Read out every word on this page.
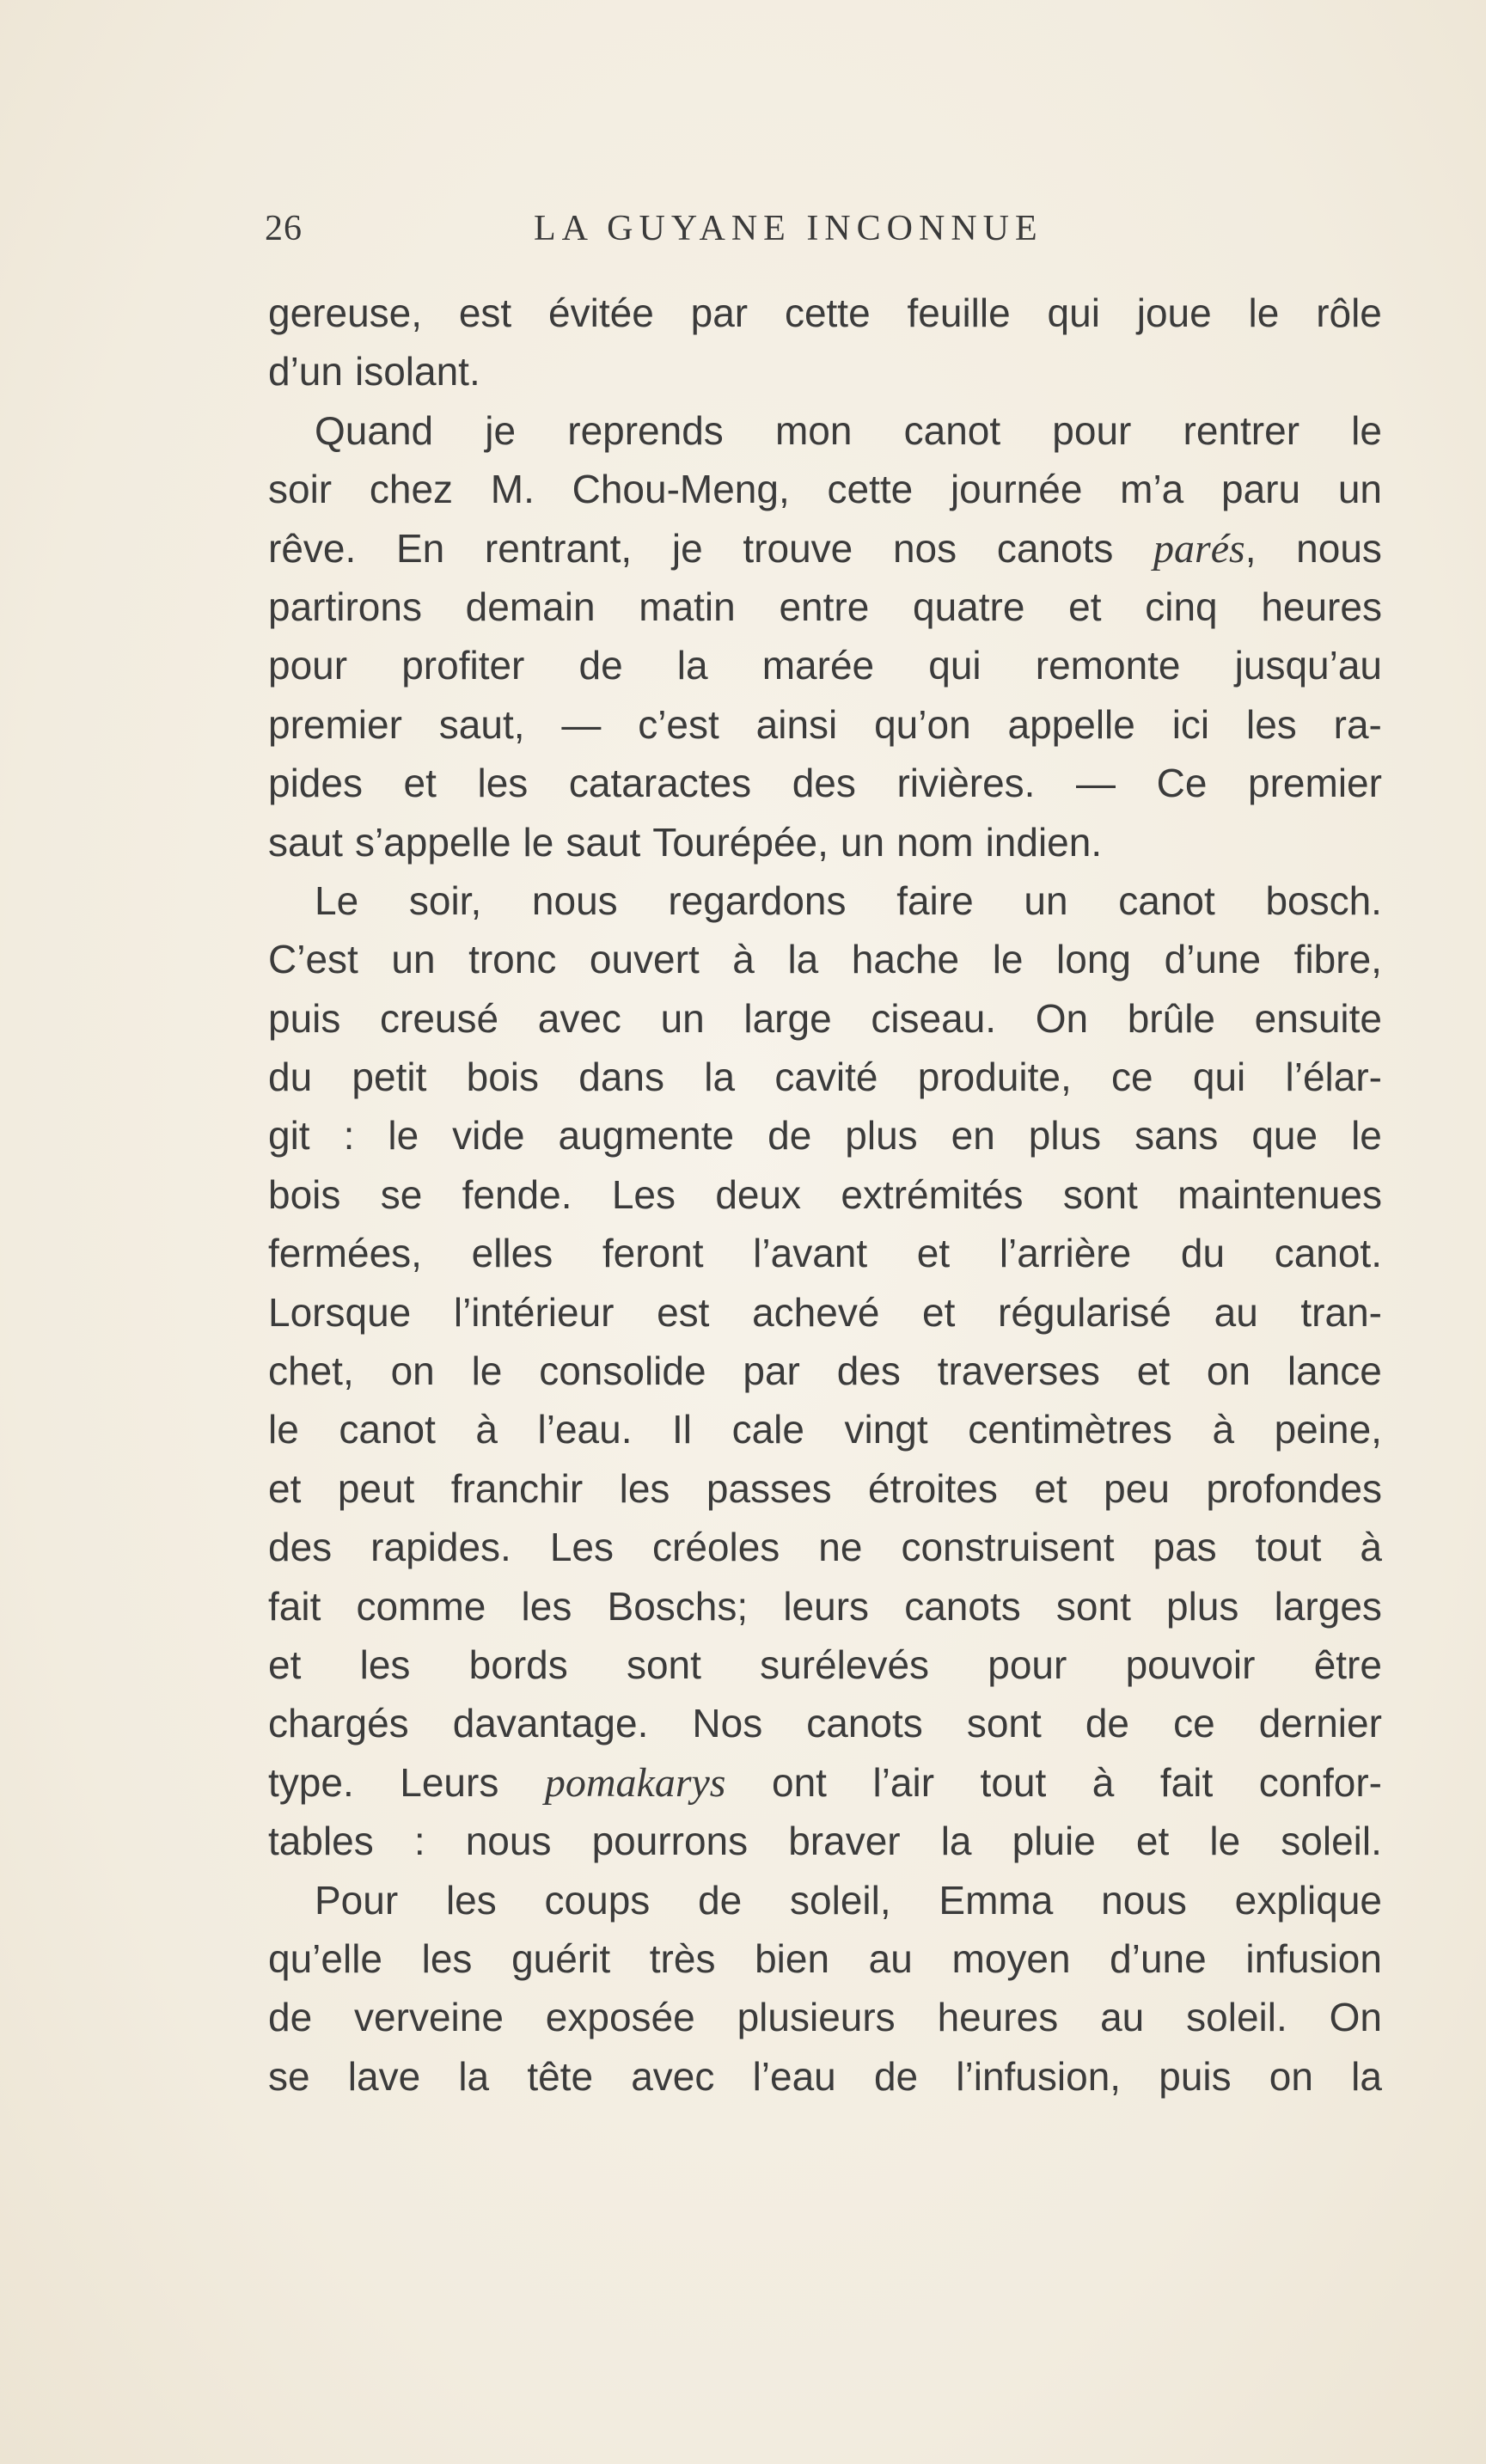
26	LA GUYANE INCONNUE
gereuse, est évitée par cette feuille qui joue le rôle
d’un isolant.
Quand je reprends mon canot pour rentrer le
soir chez M. Chou-Meng, cette journée m’a paru un
rêve. En rentrant, je trouve nos canots parés, nous
partirons demain matin entre quatre et cinq heures
pour profiter de la marée qui remonte jusqu’au
premier saut, — c’est ainsi qu’on appelle ici les ra-
pides et les cataractes des rivières. — Ce premier
saut s’appelle le saut Tourépée, un nom indien.
Le soir, nous regardons faire un canot bosch.
C’est un tronc ouvert à la hache le long d’une fibre,
puis creusé avec un large ciseau. On brûle ensuite
du petit bois dans la cavité produite, ce qui l’élar-
git : le vide augmente de plus en plus sans que le
bois se fende. Les deux extrémités sont maintenues
fermées, elles feront l’avant et l’arrière du canot.
Lorsque l’intérieur est achevé et régularisé au tran-
chet, on le consolide par des traverses et on lance
le canot à l’eau. Il cale vingt centimètres à peine,
et peut franchir les passes étroites et peu profondes
des rapides. Les créoles ne construisent pas tout à
fait comme les Boschs; leurs canots sont plus larges
et les bords sont surélevés pour pouvoir être
chargés davantage. Nos canots sont de ce dernier
type. Leurs pomakarys ont l’air tout à fait confor-
tables : nous pourrons braver la pluie et le soleil.
Pour les coups de soleil, Emma nous explique
qu’elle les guérit très bien au moyen d’une infusion
de verveine exposée plusieurs heures au soleil. On
se lave la tête avec l’eau de l’infusion, puis on la
